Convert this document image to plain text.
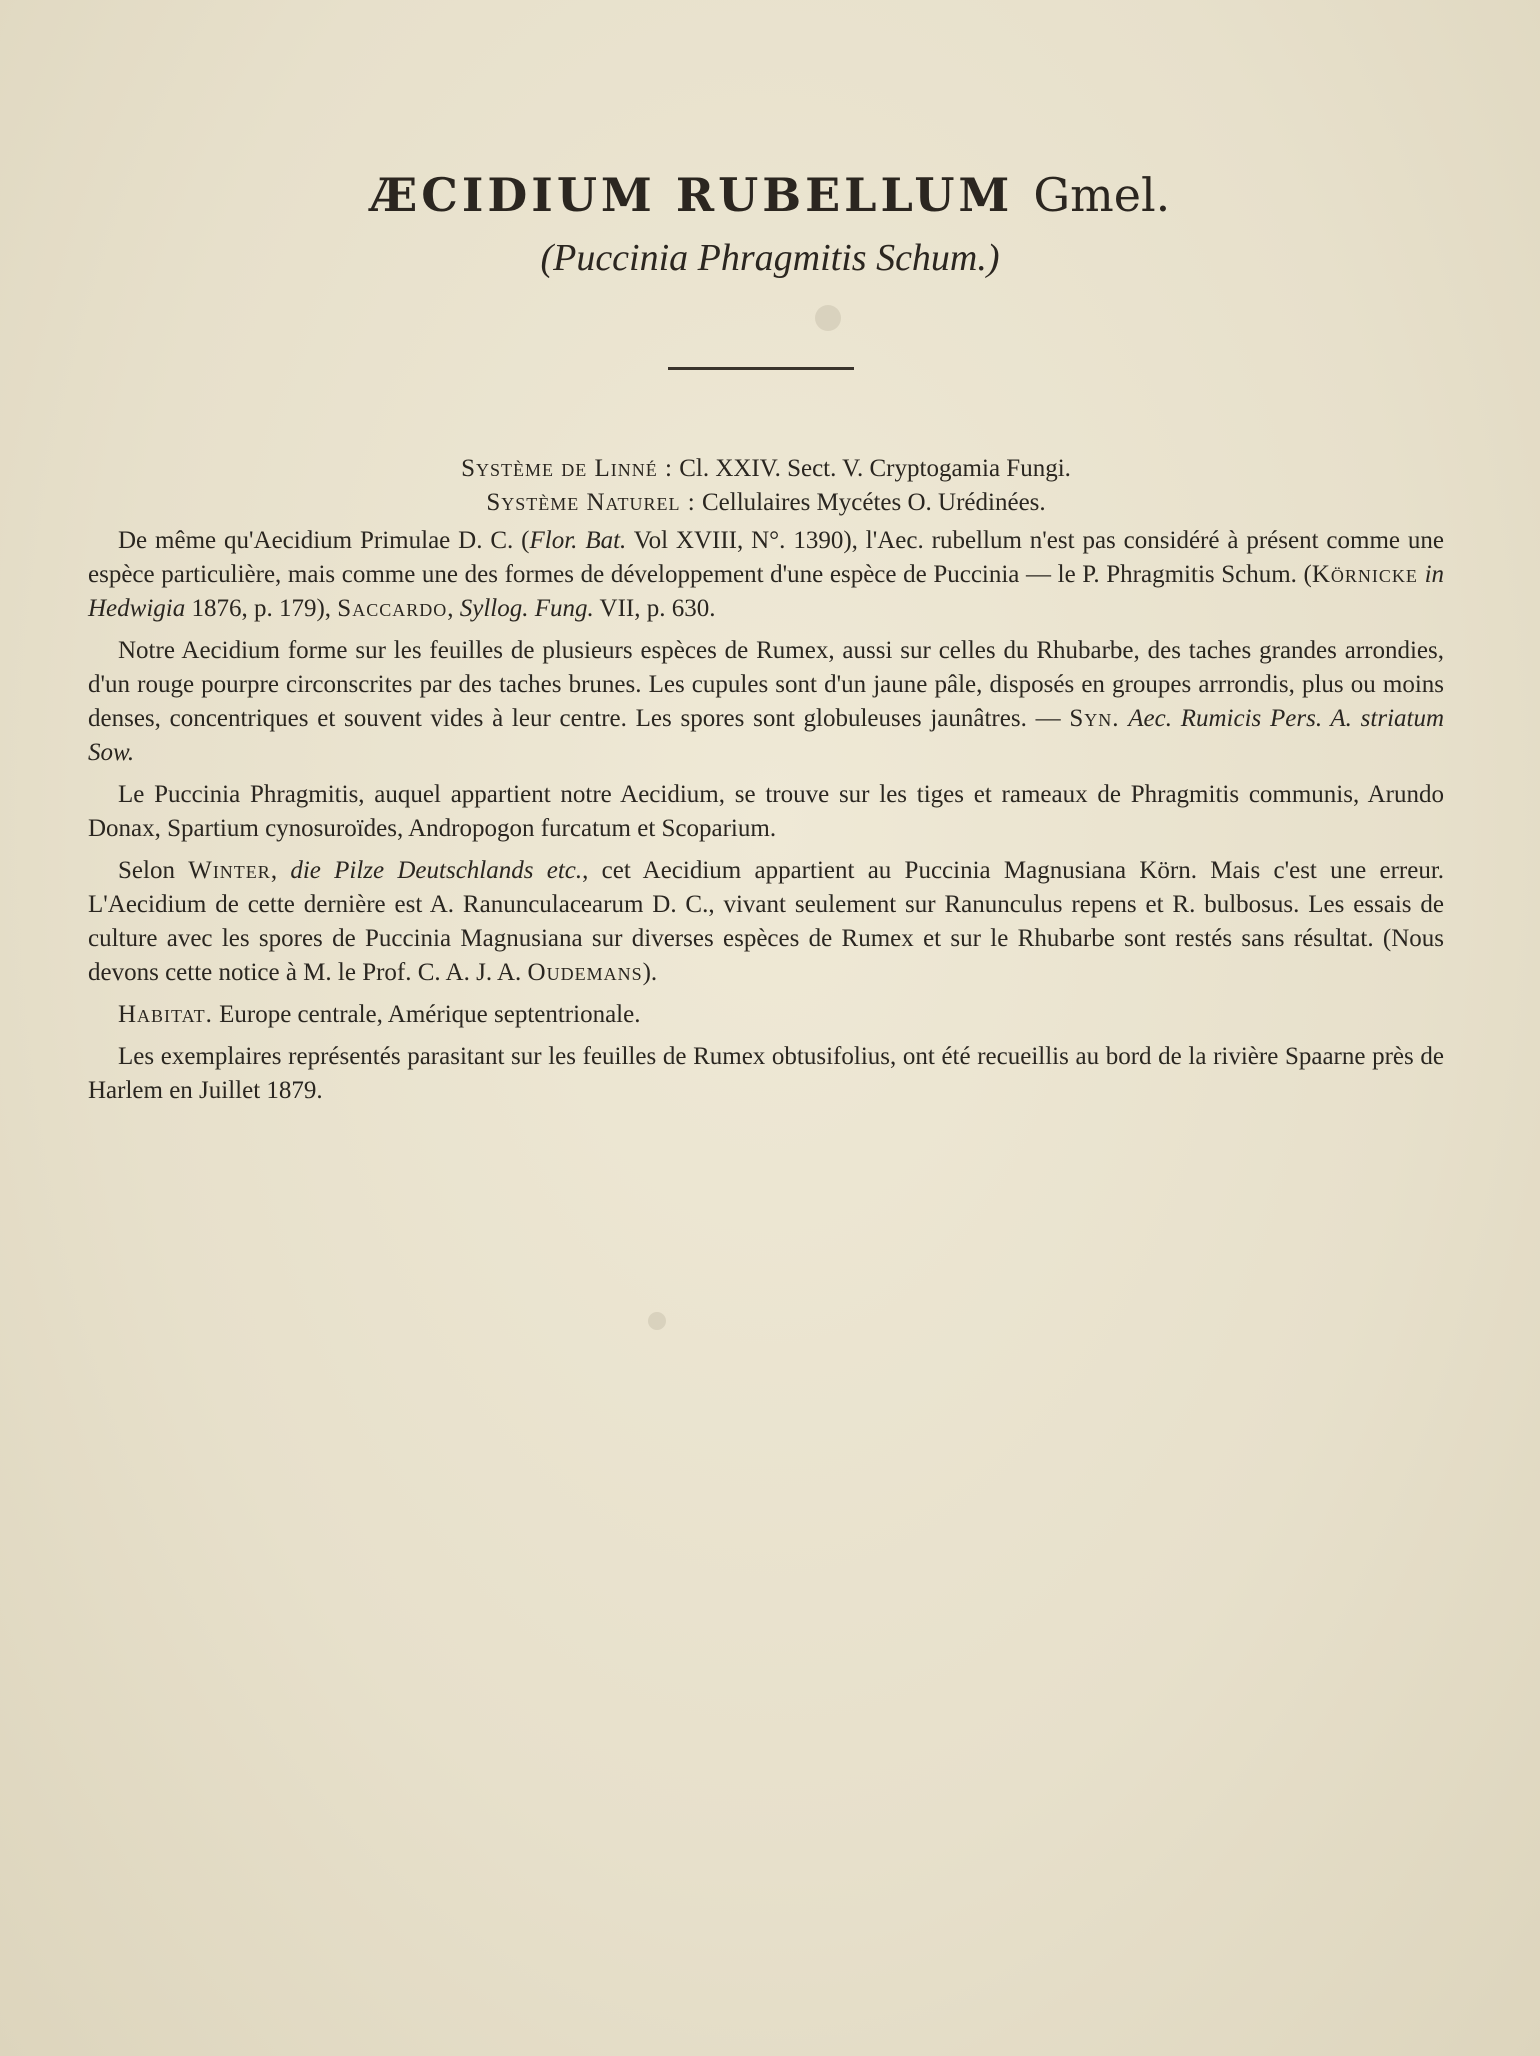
ÆCIDIUM RUBELLUM Gmel.
(Puccinia Phragmitis Schum.)
Système de Linné : Cl. XXIV. Sect. V. Cryptogamia Fungi.
Système Naturel : Cellulaires Mycétes O. Urédinées.

De même qu'Aecidium Primulae D. C. (Flor. Bat. Vol XVIII, N°. 1390), l'Aec. rubellum n'est pas considéré à présent comme une espèce particulière, mais comme une des formes de développement d'une espèce de Puccinia — le P. Phragmitis Schum. (Körnicke in Hedwigia 1876, p. 179), Saccardo, Syllog. Fung. VII, p. 630.

Notre Aecidium forme sur les feuilles de plusieurs espèces de Rumex, aussi sur celles du Rhubarbe, des taches grandes arrondies, d'un rouge pourpre circonscrites par des taches brunes. Les cupules sont d'un jaune pâle, disposés en groupes arrrondis, plus ou moins denses, concentriques et souvent vides à leur centre. Les spores sont globuleuses jaunâtres. — Syn. Aec. Rumicis Pers. A. striatum Sow.

Le Puccinia Phragmitis, auquel appartient notre Aecidium, se trouve sur les tiges et rameaux de Phragmitis communis, Arundo Donax, Spartium cynosuroïdes, Andropogon furcatum et Scoparium.

Selon Winter, die Pilze Deutschlands etc., cet Aecidium appartient au Puccinia Magnusiana Körn. Mais c'est une erreur. L'Aecidium de cette dernière est A. Ranunculacearum D. C., vivant seulement sur Ranunculus repens et R. bulbosus. Les essais de culture avec les spores de Puccinia Magnusiana sur diverses espèces de Rumex et sur le Rhubarbe sont restés sans résultat. (Nous devons cette notice à M. le Prof. C. A. J. A. Oudemans).

Habitat. Europe centrale, Amérique septentrionale.

Les exemplaires représentés parasitant sur les feuilles de Rumex obtusifolius, ont été recueillis au bord de la rivière Spaarne près de Harlem en Juillet 1879.
